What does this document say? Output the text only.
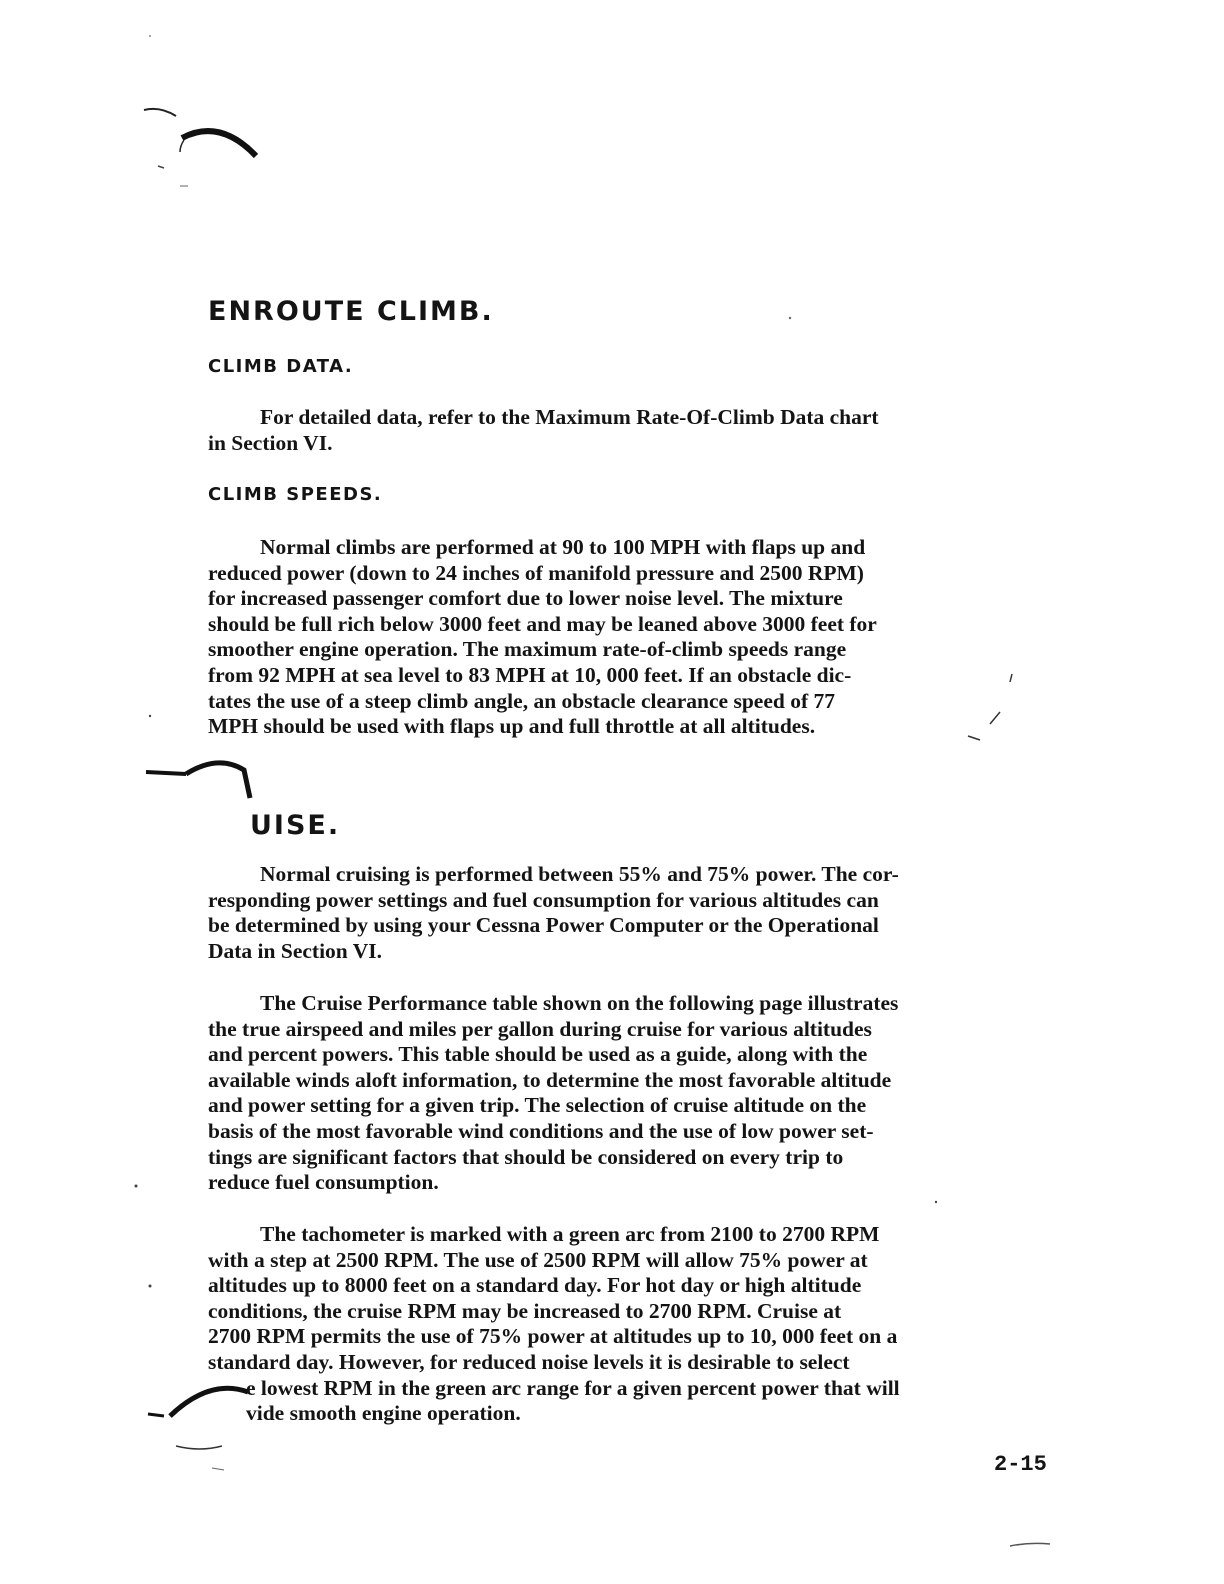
ENROUTE CLIMB.
CLIMB DATA.

For detailed data, refer to the Maximum Rate-Of-Climb Data chart
in Section VI.

CLIMB SPEEDS.

Normal climbs are performed at 90 to 100 MPH with flaps up and
reduced power (down to 24 inches of manifold pressure and 2500 RPM)
for increased passenger comfort due to lower noise level. The mixture
should be full rich below 3000 feet and may be leaned above 3000 feet for
smoother engine operation. The maximum rate-of-climb speeds range
from 92 MPH at sea level to 83 MPH at 10, 000 feet. If an obstacle dic-
tates the use of a steep climb angle, an obstacle clearance speed of 77
MPH should be used with flaps up and full throttle at all altitudes.

UISE.

Normal cruising is performed between 55% and 75% power. The cor-
responding power settings and fuel consumption for various altitudes can
be determined by using your Cessna Power Computer or the Operational
Data in Section VI.

The Cruise Performance table shown on the following page illustrates
the true airspeed and miles per gallon during cruise for various altitudes
and percent powers. This table should be used as a guide, along with the
available winds aloft information, to determine the most favorable altitude
and power setting for a given trip. The selection of cruise altitude on the
basis of the most favorable wind conditions and the use of low power set-
tings are significant factors that should be considered on every trip to
reduce fuel consumption.

The tachometer is marked with a green arc from 2100 to 2700 RPM
with a step at 2500 RPM. The use of 2500 RPM will allow 75% power at
altitudes up to 8000 feet on a standard day. For hot day or high altitude
conditions, the cruise RPM may be increased to 2700 RPM. Cruise at
2700 RPM permits the use of 75% power at altitudes up to 10, 000 feet on a
standard day. However, for reduced noise levels it is desirable to select
e lowest RPM in the green arc range for a given percent power that will
vide smooth engine operation.

2-15
